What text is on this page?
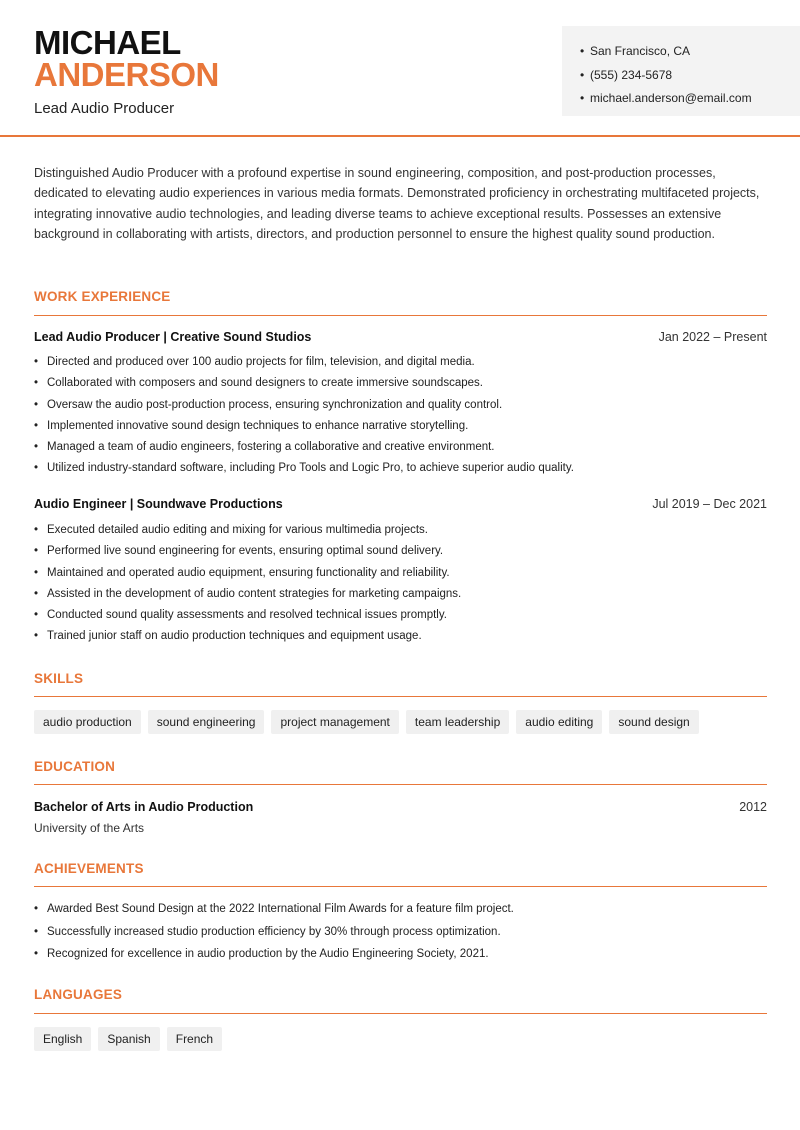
MICHAEL
ANDERSON
Lead Audio Producer
• San Francisco, CA
• (555) 234-5678
• michael.anderson@email.com

Distinguished Audio Producer with a profound expertise in sound engineering, composition, and post-production processes, dedicated to elevating audio experiences in various media formats. Demonstrated proficiency in orchestrating multifaceted projects, integrating innovative audio technologies, and leading diverse teams to achieve exceptional results. Possesses an extensive background in collaborating with artists, directors, and production personnel to ensure the highest quality sound production.

WORK EXPERIENCE
Lead Audio Producer | Creative Sound Studios	Jan 2022 – Present
• Directed and produced over 100 audio projects for film, television, and digital media.
• Collaborated with composers and sound designers to create immersive soundscapes.
• Oversaw the audio post-production process, ensuring synchronization and quality control.
• Implemented innovative sound design techniques to enhance narrative storytelling.
• Managed a team of audio engineers, fostering a collaborative and creative environment.
• Utilized industry-standard software, including Pro Tools and Logic Pro, to achieve superior audio quality.
Audio Engineer | Soundwave Productions	Jul 2019 – Dec 2021
• Executed detailed audio editing and mixing for various multimedia projects.
• Performed live sound engineering for events, ensuring optimal sound delivery.
• Maintained and operated audio equipment, ensuring functionality and reliability.
• Assisted in the development of audio content strategies for marketing campaigns.
• Conducted sound quality assessments and resolved technical issues promptly.
• Trained junior staff on audio production techniques and equipment usage.
SKILLS
audio production	sound engineering	project management	team leadership	audio editing	sound design
EDUCATION
Bachelor of Arts in Audio Production	2012
University of the Arts
ACHIEVEMENTS
• Awarded Best Sound Design at the 2022 International Film Awards for a feature film project.
• Successfully increased studio production efficiency by 30% through process optimization.
• Recognized for excellence in audio production by the Audio Engineering Society, 2021.
LANGUAGES
English	Spanish	French
